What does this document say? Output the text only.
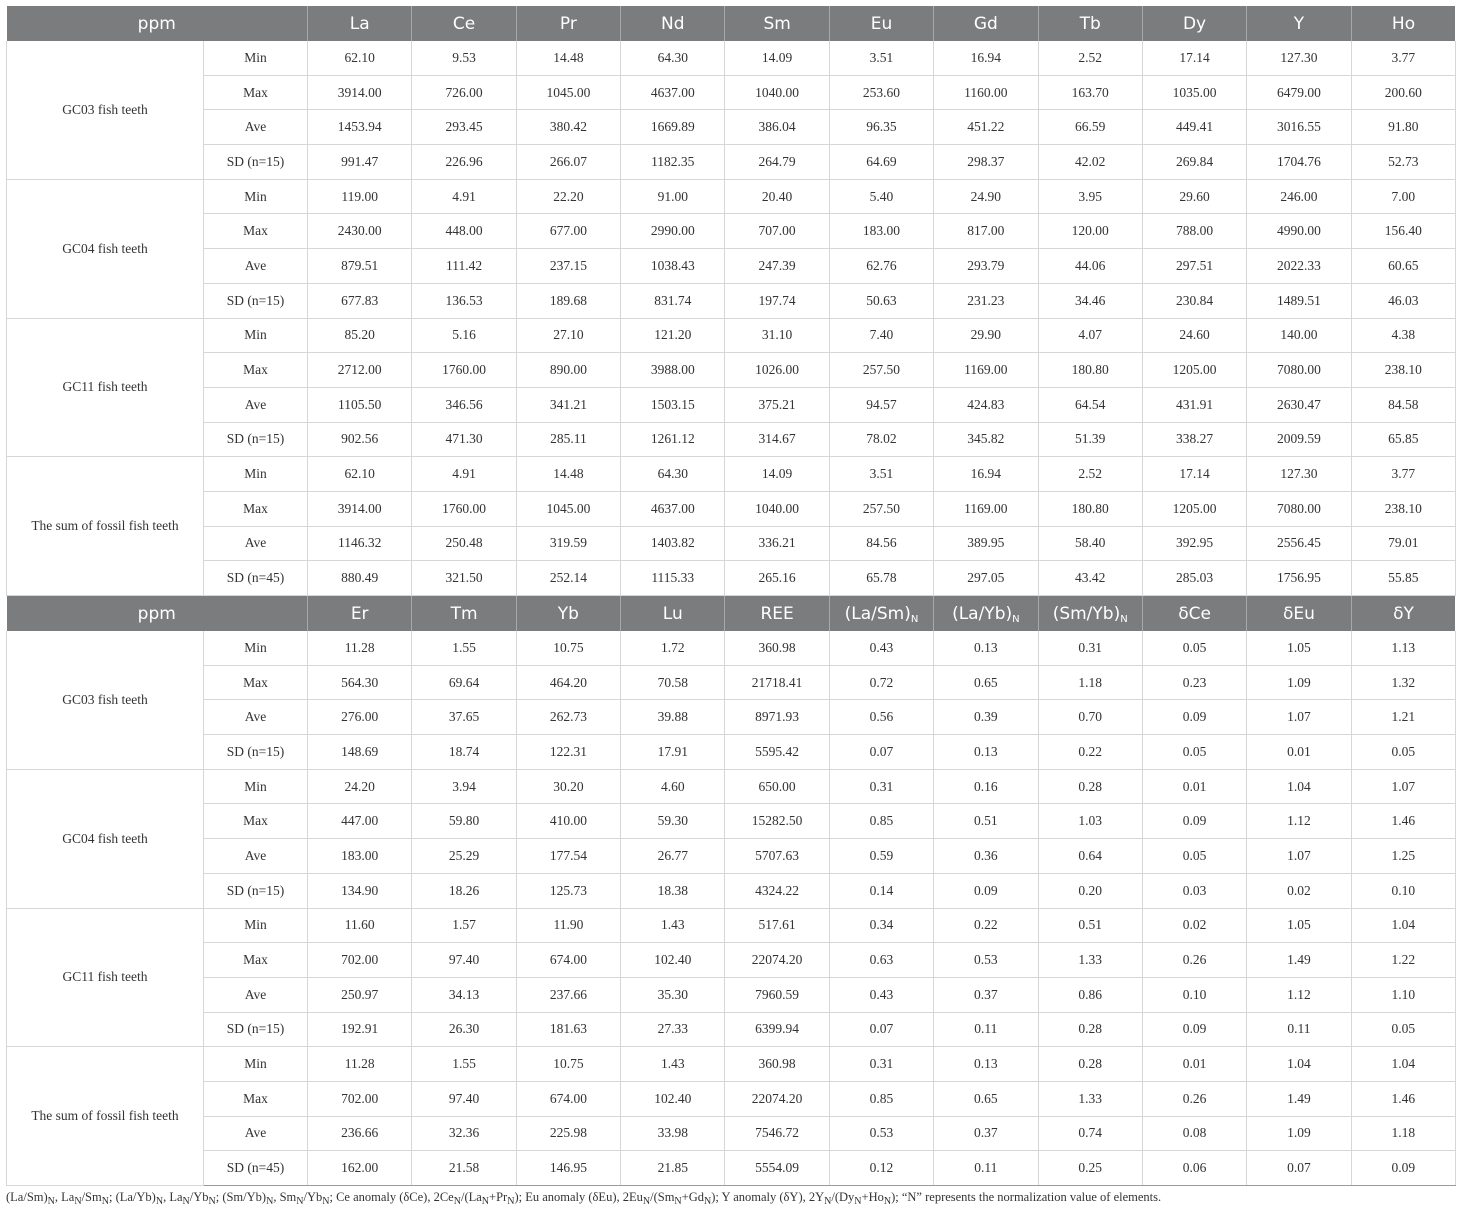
ppm		La	Ce	Pr	Nd	Sm	Eu	Gd	Tb	Dy	Y	Ho
GC03 fish teeth	Min	62.10	9.53	14.48	64.30	14.09	3.51	16.94	2.52	17.14	127.30	3.77
	Max	3914.00	726.00	1045.00	4637.00	1040.00	253.60	1160.00	163.70	1035.00	6479.00	200.60
	Ave	1453.94	293.45	380.42	1669.89	386.04	96.35	451.22	66.59	449.41	3016.55	91.80
	SD (n=15)	991.47	226.96	266.07	1182.35	264.79	64.69	298.37	42.02	269.84	1704.76	52.73
GC04 fish teeth	Min	119.00	4.91	22.20	91.00	20.40	5.40	24.90	3.95	29.60	246.00	7.00
	Max	2430.00	448.00	677.00	2990.00	707.00	183.00	817.00	120.00	788.00	4990.00	156.40
	Ave	879.51	111.42	237.15	1038.43	247.39	62.76	293.79	44.06	297.51	2022.33	60.65
	SD (n=15)	677.83	136.53	189.68	831.74	197.74	50.63	231.23	34.46	230.84	1489.51	46.03
GC11 fish teeth	Min	85.20	5.16	27.10	121.20	31.10	7.40	29.90	4.07	24.60	140.00	4.38
	Max	2712.00	1760.00	890.00	3988.00	1026.00	257.50	1169.00	180.80	1205.00	7080.00	238.10
	Ave	1105.50	346.56	341.21	1503.15	375.21	94.57	424.83	64.54	431.91	2630.47	84.58
	SD (n=15)	902.56	471.30	285.11	1261.12	314.67	78.02	345.82	51.39	338.27	2009.59	65.85
The sum of fossil fish teeth	Min	62.10	4.91	14.48	64.30	14.09	3.51	16.94	2.52	17.14	127.30	3.77
	Max	3914.00	1760.00	1045.00	4637.00	1040.00	257.50	1169.00	180.80	1205.00	7080.00	238.10
	Ave	1146.32	250.48	319.59	1403.82	336.21	84.56	389.95	58.40	392.95	2556.45	79.01
	SD (n=45)	880.49	321.50	252.14	1115.33	265.16	65.78	297.05	43.42	285.03	1756.95	55.85
ppm		Er	Tm	Yb	Lu	REE	$(La/Sm)_N$	$(La/Yb)_N$	$(Sm/Yb)_N$	δCe	δEu	δY
GC03 fish teeth	Min	11.28	1.55	10.75	1.72	360.98	0.43	0.13	0.31	0.05	1.05	1.13
	Max	564.30	69.64	464.20	70.58	21718.41	0.72	0.65	1.18	0.23	1.09	1.32
	Ave	276.00	37.65	262.73	39.88	8971.93	0.56	0.39	0.70	0.09	1.07	1.21
	SD (n=15)	148.69	18.74	122.31	17.91	5595.42	0.07	0.13	0.22	0.05	0.01	0.05
GC04 fish teeth	Min	24.20	3.94	30.20	4.60	650.00	0.31	0.16	0.28	0.01	1.04	1.07
	Max	447.00	59.80	410.00	59.30	15282.50	0.85	0.51	1.03	0.09	1.12	1.46
	Ave	183.00	25.29	177.54	26.77	5707.63	0.59	0.36	0.64	0.05	1.07	1.25
	SD (n=15)	134.90	18.26	125.73	18.38	4324.22	0.14	0.09	0.20	0.03	0.02	0.10
GC11 fish teeth	Min	11.60	1.57	11.90	1.43	517.61	0.34	0.22	0.51	0.02	1.05	1.04
	Max	702.00	97.40	674.00	102.40	22074.20	0.63	0.53	1.33	0.26	1.49	1.22
	Ave	250.97	34.13	237.66	35.30	7960.59	0.43	0.37	0.86	0.10	1.12	1.10
	SD (n=15)	192.91	26.30	181.63	27.33	6399.94	0.07	0.11	0.28	0.09	0.11	0.05
The sum of fossil fish teeth	Min	11.28	1.55	10.75	1.43	360.98	0.31	0.13	0.28	0.01	1.04	1.04
	Max	702.00	97.40	674.00	102.40	22074.20	0.85	0.65	1.33	0.26	1.49	1.46
	Ave	236.66	32.36	225.98	33.98	7546.72	0.53	0.37	0.74	0.08	1.09	1.18
	SD (n=45)	162.00	21.58	146.95	21.85	5554.09	0.12	0.11	0.25	0.06	0.07	0.09
$(La/Sm)_N$, $La_N/Sm_N$; $(La/Yb)_N$, $La_N/Yb_N$; $(Sm/Yb)_N$, $Sm_N/Yb_N$; Ce anomaly (δCe), $2Ce_N/(La_N+Pr_N)$; Eu anomaly (δEu), $2Eu_N/(Sm_N+Gd_N)$; Y anomaly (δY), $2Y_N/(Dy_N+Ho_N)$; “N” represents the normalization value of elements.
